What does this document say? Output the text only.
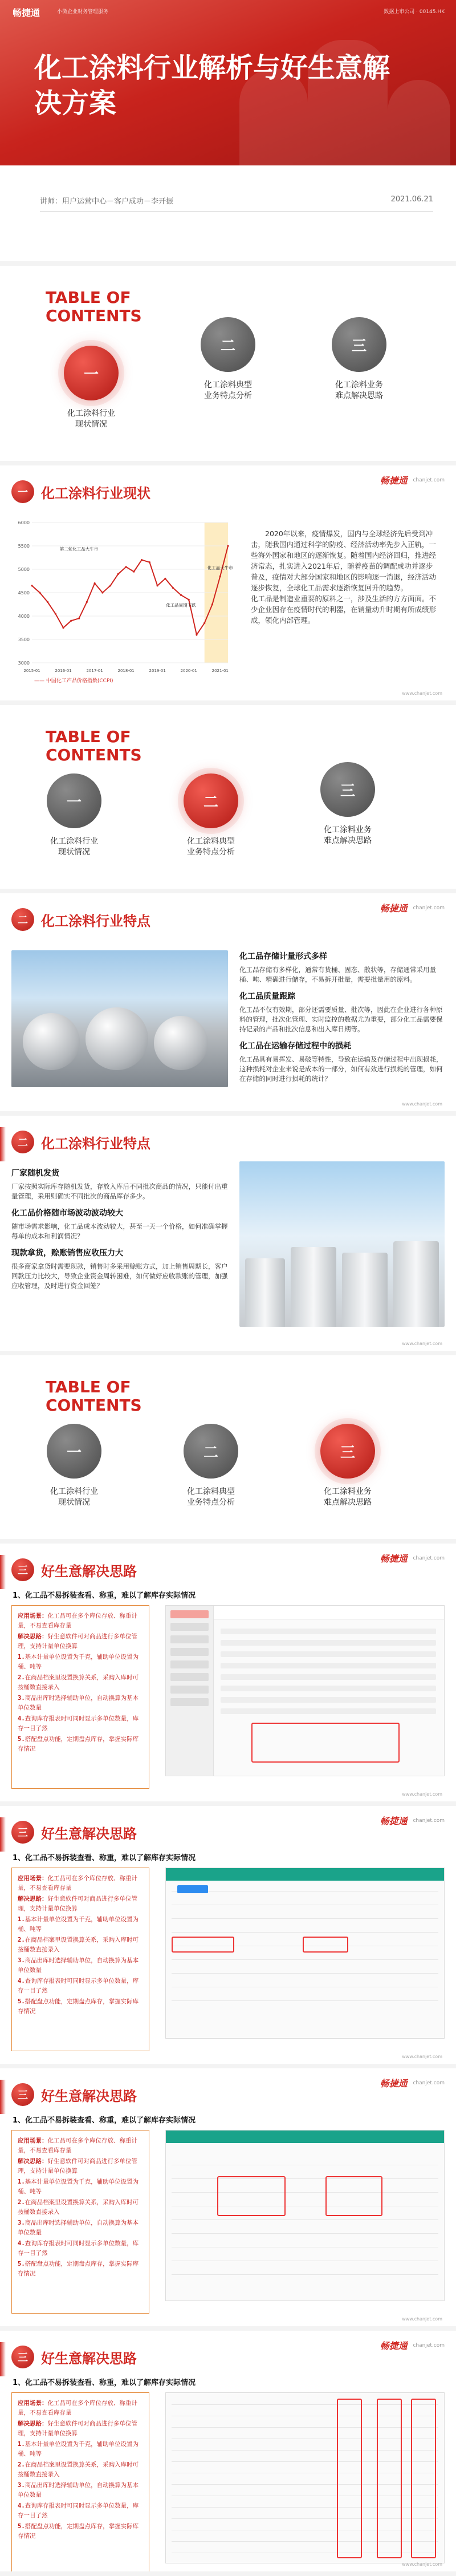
畅捷通	小微企业财务管理服务	数据上市公司 · 00145.HK
化工涂料行业解析与好生意解决方案
讲师：用户运营中心－客户成功－李开振	2021.06.21
TABLE OF
CONTENTS
一
化工涂料行业
现状情况
二
化工涂料典型
业务特点分析
三
化工涂料业务
难点解决思路
一 化工涂料行业现状
畅捷通 chanjet.com
3000
3500
4000
4500
5000
5500
6000
2015-01	2016-01	2017-01	2018-01	2019-01	2020-01	2021-01
第二轮化工品大牛市
化工品周期下跌
化工品大牛市
—— 中国化工产品价格指数(CCPI)
2020年以来，疫情爆发，国内与全球经济先后受到冲击，随我国内通过科学的防疫、经济活动率先步入正轨，一些海外国家和地区的逐渐恢复。随着国内经济回归，推进经济常态，扎实进入2021年后，随着疫苗的调配成功并逐步普及，疫情对大部分国家和地区的影响逐一消退，经济活动逐步恢复，全球化工品需求逐渐恢复回升的趋势。
化工品是制造业重要的原料之一，涉及生活的方方面面。不少企业因存在疫情时代的利器，在销量动升时期有所成绩形成，领化内部管理。
www.chanjet.com
TABLE OF
CONTENTS
一
化工涂料行业
现状情况
二
化工涂料典型
业务特点分析
三
化工涂料业务
难点解决思路
二 化工涂料行业特点
畅捷通 chanjet.com
化工品存储计量形式多样
化工品存储有多样化，通常有货桶、固态、散状等，存储通常采用量桶、吨、精确进行储存，不易拆开批量，需要批量用的原料。
化工品质量跟踪
化工品不仅有效期，部分还需要质量、批次等，因此在企业进行各种原料的管理，批次化管理、实时监控的数据尤为重要，部分化工品需要保持记录的产品和批次信息和出入库日期等。
化工品在运输存储过程中的损耗
化工品具有易挥发、易破等特性，导致在运输及存储过程中出现损耗，这种损耗对企业来说是成本的一部分，如何有效进行损耗的管理，如何在存储的同时进行损耗的统计？
www.chanjet.com
二 化工涂料行业特点
厂家随机发货
厂家按照实际库存随机发货，存放入库后不同批次商品的情况，只能付出重量管理，采用则确实不同批次的商品库存多少。
化工品价格随市场波动波动较大
随市场需求影响，化工品成本波动较大，甚至一天一个价格，如何准确掌握每单的成本和利润情况？
现款拿货，赊账销售应收压力大
很多商家拿货时需要现款，销售时多采用赊账方式，加上销售周期长，客户回款压力比较大，导致企业资金周转困难，如何做好应收款账的管理，加强应收管理，及时进行资金回笼？
www.chanjet.com
TABLE OF
CONTENTS
一
化工涂料行业
现状情况
二
化工涂料典型
业务特点分析
三
化工涂料业务
难点解决思路
三 好生意解决思路
畅捷通 chanjet.com
1、化工品不易拆装查看、称重，难以了解库存实际情况
应用场景：化工品可在多个库位存放、称重计量，不易查看库存量
解决思路：好生意软件可对商品进行多单位管理，支持计量单位换算
1.基本计量单位设置为千克，辅助单位设置为桶、吨等
2.在商品档案里设置换算关系，采购入库时可按桶数直接录入
3.商品出库时选择辅助单位，自动换算为基本单位数量
4.查询库存报表时可同时显示多单位数量，库存一目了然
5.搭配盘点功能，定期盘点库存，掌握实际库存情况
www.chanjet.com
三 好生意解决思路
畅捷通 chanjet.com
1、化工品不易拆装查看、称重，难以了解库存实际情况
应用场景：化工品可在多个库位存放、称重计量，不易查看库存量
解决思路：好生意软件可对商品进行多单位管理，支持计量单位换算
1.基本计量单位设置为千克，辅助单位设置为桶、吨等
2.在商品档案里设置换算关系，采购入库时可按桶数直接录入
3.商品出库时选择辅助单位，自动换算为基本单位数量
4.查询库存报表时可同时显示多单位数量，库存一目了然
5.搭配盘点功能，定期盘点库存，掌握实际库存情况
www.chanjet.com
三 好生意解决思路
畅捷通 chanjet.com
1、化工品不易拆装查看、称重，难以了解库存实际情况
应用场景：化工品可在多个库位存放、称重计量，不易查看库存量
解决思路：好生意软件可对商品进行多单位管理，支持计量单位换算
1.基本计量单位设置为千克，辅助单位设置为桶、吨等
2.在商品档案里设置换算关系，采购入库时可按桶数直接录入
3.商品出库时选择辅助单位，自动换算为基本单位数量
4.查询库存报表时可同时显示多单位数量，库存一目了然
5.搭配盘点功能，定期盘点库存，掌握实际库存情况
www.chanjet.com
三 好生意解决思路
畅捷通 chanjet.com
1、化工品不易拆装查看、称重，难以了解库存实际情况
应用场景：化工品可在多个库位存放、称重计量，不易查看库存量
解决思路：好生意软件可对商品进行多单位管理，支持计量单位换算
1.基本计量单位设置为千克，辅助单位设置为桶、吨等
2.在商品档案里设置换算关系，采购入库时可按桶数直接录入
3.商品出库时选择辅助单位，自动换算为基本单位数量
4.查询库存报表时可同时显示多单位数量，库存一目了然
5.搭配盘点功能，定期盘点库存，掌握实际库存情况
www.chanjet.com
